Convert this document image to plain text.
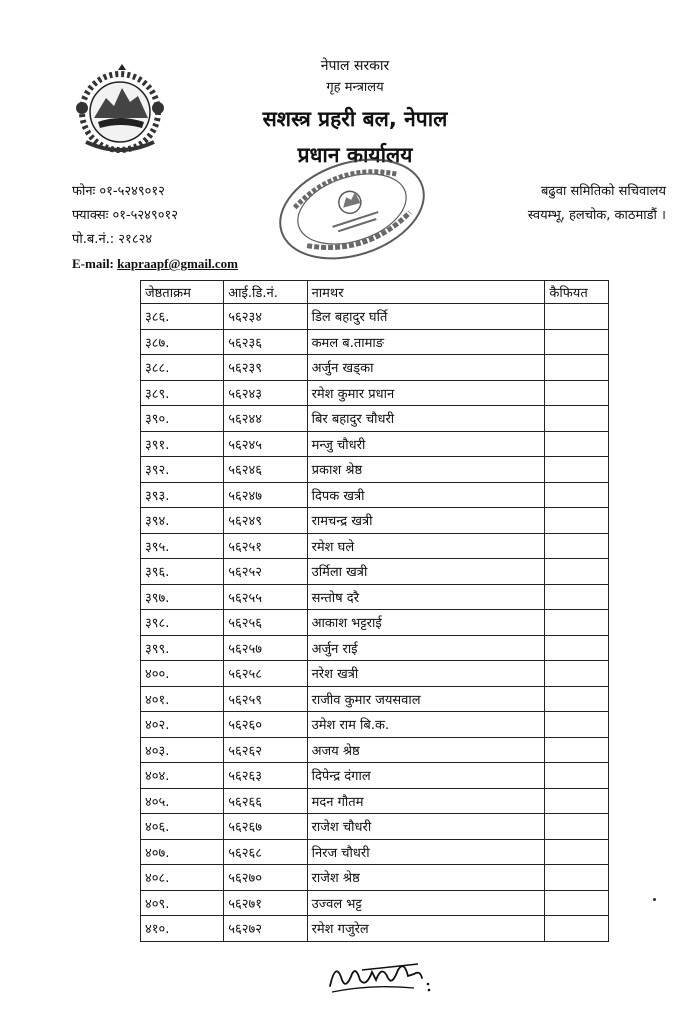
नेपाल सरकार
गृह मन्त्रालय
सशस्त्र प्रहरी बल, नेपाल
प्रधान कार्यालय
फोनः ०१-५२४९०१२
फ्याक्सः ०१-५२४९०१२
पो.ब.नं.: २१८२४
E-mail: kapraapf@gmail.com
बढुवा समितिको सचिवालय
स्वयम्भू, हलचोक, काठमाडौं ।
जेष्ठताक्रम	आई.डि.नं.	नामथर	कैफियत
३८६.	५६२३४	डिल बहादुर घर्ति	
३८७.	५६२३६	कमल ब.तामाङ	
३८८.	५६२३९	अर्जुन खड्का	
३८९.	५६२४३	रमेश कुमार प्रधान	
३९०.	५६२४४	बिर बहादुर चौधरी	
३९१.	५६२४५	मन्जु चौधरी	
३९२.	५६२४६	प्रकाश श्रेष्ठ	
३९३.	५६२४७	दिपक खत्री	
३९४.	५६२४९	रामचन्द्र खत्री	
३९५.	५६२५१	रमेश घले	
३९६.	५६२५२	उर्मिला खत्री	
३९७.	५६२५५	सन्तोष दरै	
३९८.	५६२५६	आकाश भट्टराई	
३९९.	५६२५७	अर्जुन राई	
४००.	५६२५८	नरेश खत्री	
४०१.	५६२५९	राजीव कुमार जयसवाल	
४०२.	५६२६०	उमेश राम बि.क.	
४०३.	५६२६२	अजय श्रेष्ठ	
४०४.	५६२६३	दिपेन्द्र दंगाल	
४०५.	५६२६६	मदन गौतम	
४०६.	५६२६७	राजेश चौधरी	
४०७.	५६२६८	निरज चौधरी	
४०८.	५६२७०	राजेश श्रेष्ठ	
४०९.	५६२७१	उज्वल भट्ट	
४१०.	५६२७२	रमेश गजुरेल	
